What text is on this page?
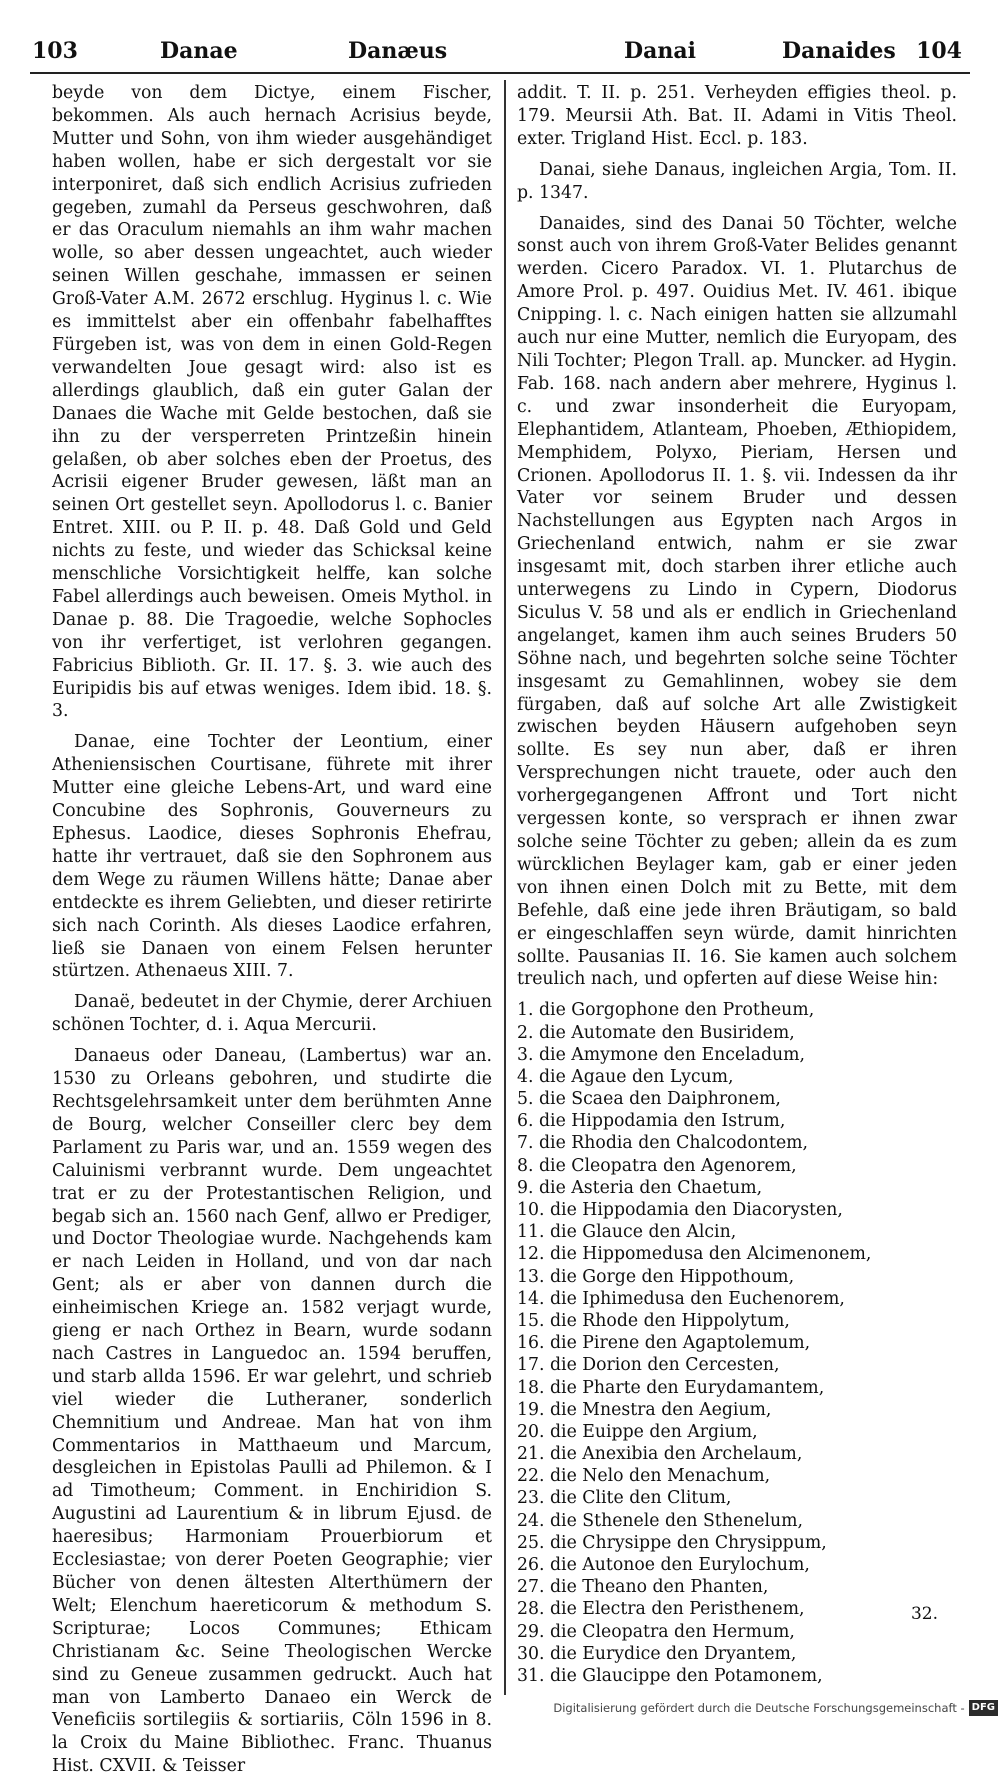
103	Danae	Danæus	Danai	Danaides 104

beyde von dem Dictye, einem Fischer, bekommen. Als auch hernach Acrisius beyde, Mutter und Sohn, von ihm wieder ausgehändiget haben wollen, habe er sich dergestalt vor sie interponiret, daß sich endlich Acrisius zufrieden gegeben, zumahl da Perseus geschwohren, daß er das Oraculum niemahls an ihm wahr machen wolle, so aber dessen ungeachtet, auch wieder seinen Willen geschahe, immassen er seinen Groß-Vater A.M. 2672 erschlug. Hyginus l. c. Wie es immittelst aber ein offenbahr fabelhafftes Fürgeben ist, was von dem in einen Gold-Regen verwandelten Joue gesagt wird: also ist es allerdings glaublich, daß ein guter Galan der Danaes die Wache mit Gelde bestochen, daß sie ihn zu der versperreten Printzeßin hinein gelaßen, ob aber solches eben der Proetus, des Acrisii eigener Bruder gewesen, läßt man an seinen Ort gestellet seyn. Apollodorus l. c. Banier Entret. XIII. ou P. II. p. 48. Daß Gold und Geld nichts zu feste, und wieder das Schicksal keine menschliche Vorsichtigkeit helffe, kan solche Fabel allerdings auch beweisen. Omeis Mythol. in Danae p. 88. Die Tragoedie, welche Sophocles von ihr verfertiget, ist verlohren gegangen. Fabricius Biblioth. Gr. II. 17. §. 3. wie auch des Euripidis bis auf etwas weniges. Idem ibid. 18. §. 3.

Danae, eine Tochter der Leontium, einer Atheniensischen Courtisane, führete mit ihrer Mutter eine gleiche Lebens-Art, und ward eine Concubine des Sophronis, Gouverneurs zu Ephesus. Laodice, dieses Sophronis Ehefrau, hatte ihr vertrauet, daß sie den Sophronem aus dem Wege zu räumen Willens hätte; Danae aber entdeckte es ihrem Geliebten, und dieser retirirte sich nach Corinth. Als dieses Laodice erfahren, ließ sie Danaen von einem Felsen herunter stürtzen. Athenaeus XIII. 7.

Danaë, bedeutet in der Chymie, derer Archiuen schönen Tochter, d. i. Aqua Mercurii.

Danaeus oder Daneau, (Lambertus) war an. 1530 zu Orleans gebohren, und studirte die Rechtsgelehrsamkeit unter dem berühmten Anne de Bourg, welcher Conseiller clerc bey dem Parlament zu Paris war, und an. 1559 wegen des Caluinismi verbrannt wurde. Dem ungeachtet trat er zu der Protestantischen Religion, und begab sich an. 1560 nach Genf, allwo er Prediger, und Doctor Theologiae wurde. Nachgehends kam er nach Leiden in Holland, und von dar nach Gent; als er aber von dannen durch die einheimischen Kriege an. 1582 verjagt wurde, gieng er nach Orthez in Bearn, wurde sodann nach Castres in Languedoc an. 1594 beruffen, und starb allda 1596. Er war gelehrt, und schrieb viel wieder die Lutheraner, sonderlich Chemnitium und Andreae. Man hat von ihm Commentarios in Matthaeum und Marcum, desgleichen in Epistolas Paulli ad Philemon. & I ad Timotheum; Comment. in Enchiridion S. Augustini ad Laurentium & in librum Ejusd. de haeresibus; Harmoniam Prouerbiorum et Ecclesiastae; von derer Poeten Geographie; vier Bücher von denen ältesten Alterthümern der Welt; Elenchum haereticorum & methodum S. Scripturae; Locos Communes; Ethicam Christianam &c. Seine Theologischen Wercke sind zu Geneue zusammen gedruckt. Auch hat man von Lamberto Danaeo ein Werck de Veneficiis sortilegiis & sortiariis, Cöln 1596 in 8. la Croix du Maine Bibliothec. Franc. Thuanus Hist. CXVII. & Teisser

addit. T. II. p. 251. Verheyden effigies theol. p. 179. Meursii Ath. Bat. II. Adami in Vitis Theol. exter. Trigland Hist. Eccl. p. 183.

Danai, siehe Danaus, ingleichen Argia, Tom. II. p. 1347.

Danaides, sind des Danai 50 Töchter, welche sonst auch von ihrem Groß-Vater Belides genannt werden. Cicero Paradox. VI. 1. Plutarchus de Amore Prol. p. 497. Ouidius Met. IV. 461. ibique Cnipping. l. c. Nach einigen hatten sie allzumahl auch nur eine Mutter, nemlich die Euryopam, des Nili Tochter; Plegon Trall. ap. Muncker. ad Hygin. Fab. 168. nach andern aber mehrere, Hyginus l. c. und zwar insonderheit die Euryopam, Elephantidem, Atlanteam, Phoeben, Æthiopidem, Memphidem, Polyxo, Pieriam, Hersen und Crionen. Apollodorus II. 1. §. vii. Indessen da ihr Vater vor seinem Bruder und dessen Nachstellungen aus Egypten nach Argos in Griechenland entwich, nahm er sie zwar insgesamt mit, doch starben ihrer etliche auch unterwegens zu Lindo in Cypern, Diodorus Siculus V. 58 und als er endlich in Griechenland angelanget, kamen ihm auch seines Bruders 50 Söhne nach, und begehrten solche seine Töchter insgesamt zu Gemahlinnen, wobey sie dem fürgaben, daß auf solche Art alle Zwistigkeit zwischen beyden Häusern aufgehoben seyn sollte. Es sey nun aber, daß er ihren Versprechungen nicht trauete, oder auch den vorhergegangenen Affront und Tort nicht vergessen konte, so versprach er ihnen zwar solche seine Töchter zu geben; allein da es zum würcklichen Beylager kam, gab er einer jeden von ihnen einen Dolch mit zu Bette, mit dem Befehle, daß eine jede ihren Bräutigam, so bald er eingeschlaffen seyn würde, damit hinrichten sollte. Pausanias II. 16. Sie kamen auch solchem treulich nach, und opferten auf diese Weise hin:

1. die Gorgophone den Protheum,
2. die Automate den Busiridem,
3. die Amymone den Enceladum,
4. die Agaue den Lycum,
5. die Scaea den Daiphronem,
6. die Hippodamia den Istrum,
7. die Rhodia den Chalcodontem,
8. die Cleopatra den Agenorem,
9. die Asteria den Chaetum,
10. die Hippodamia den Diacorysten,
11. die Glauce den Alcin,
12. die Hippomedusa den Alcimenonem,
13. die Gorge den Hippothoum,
14. die Iphimedusa den Euchenorem,
15. die Rhode den Hippolytum,
16. die Pirene den Agaptolemum,
17. die Dorion den Cercesten,
18. die Pharte den Eurydamantem,
19. die Mnestra den Aegium,
20. die Euippe den Argium,
21. die Anexibia den Archelaum,
22. die Nelo den Menachum,
23. die Clite den Clitum,
24. die Sthenele den Sthenelum,
25. die Chrysippe den Chrysippum,
26. die Autonoe den Eurylochum,
27. die Theano den Phanten,
28. die Electra den Peristhenem,
29. die Cleopatra den Hermum,
30. die Eurydice den Dryantem,
31. die Glaucippe den Potamonem,
32.
Digitalisierung gefördert durch die Deutsche Forschungsgemeinschaft - DFG
